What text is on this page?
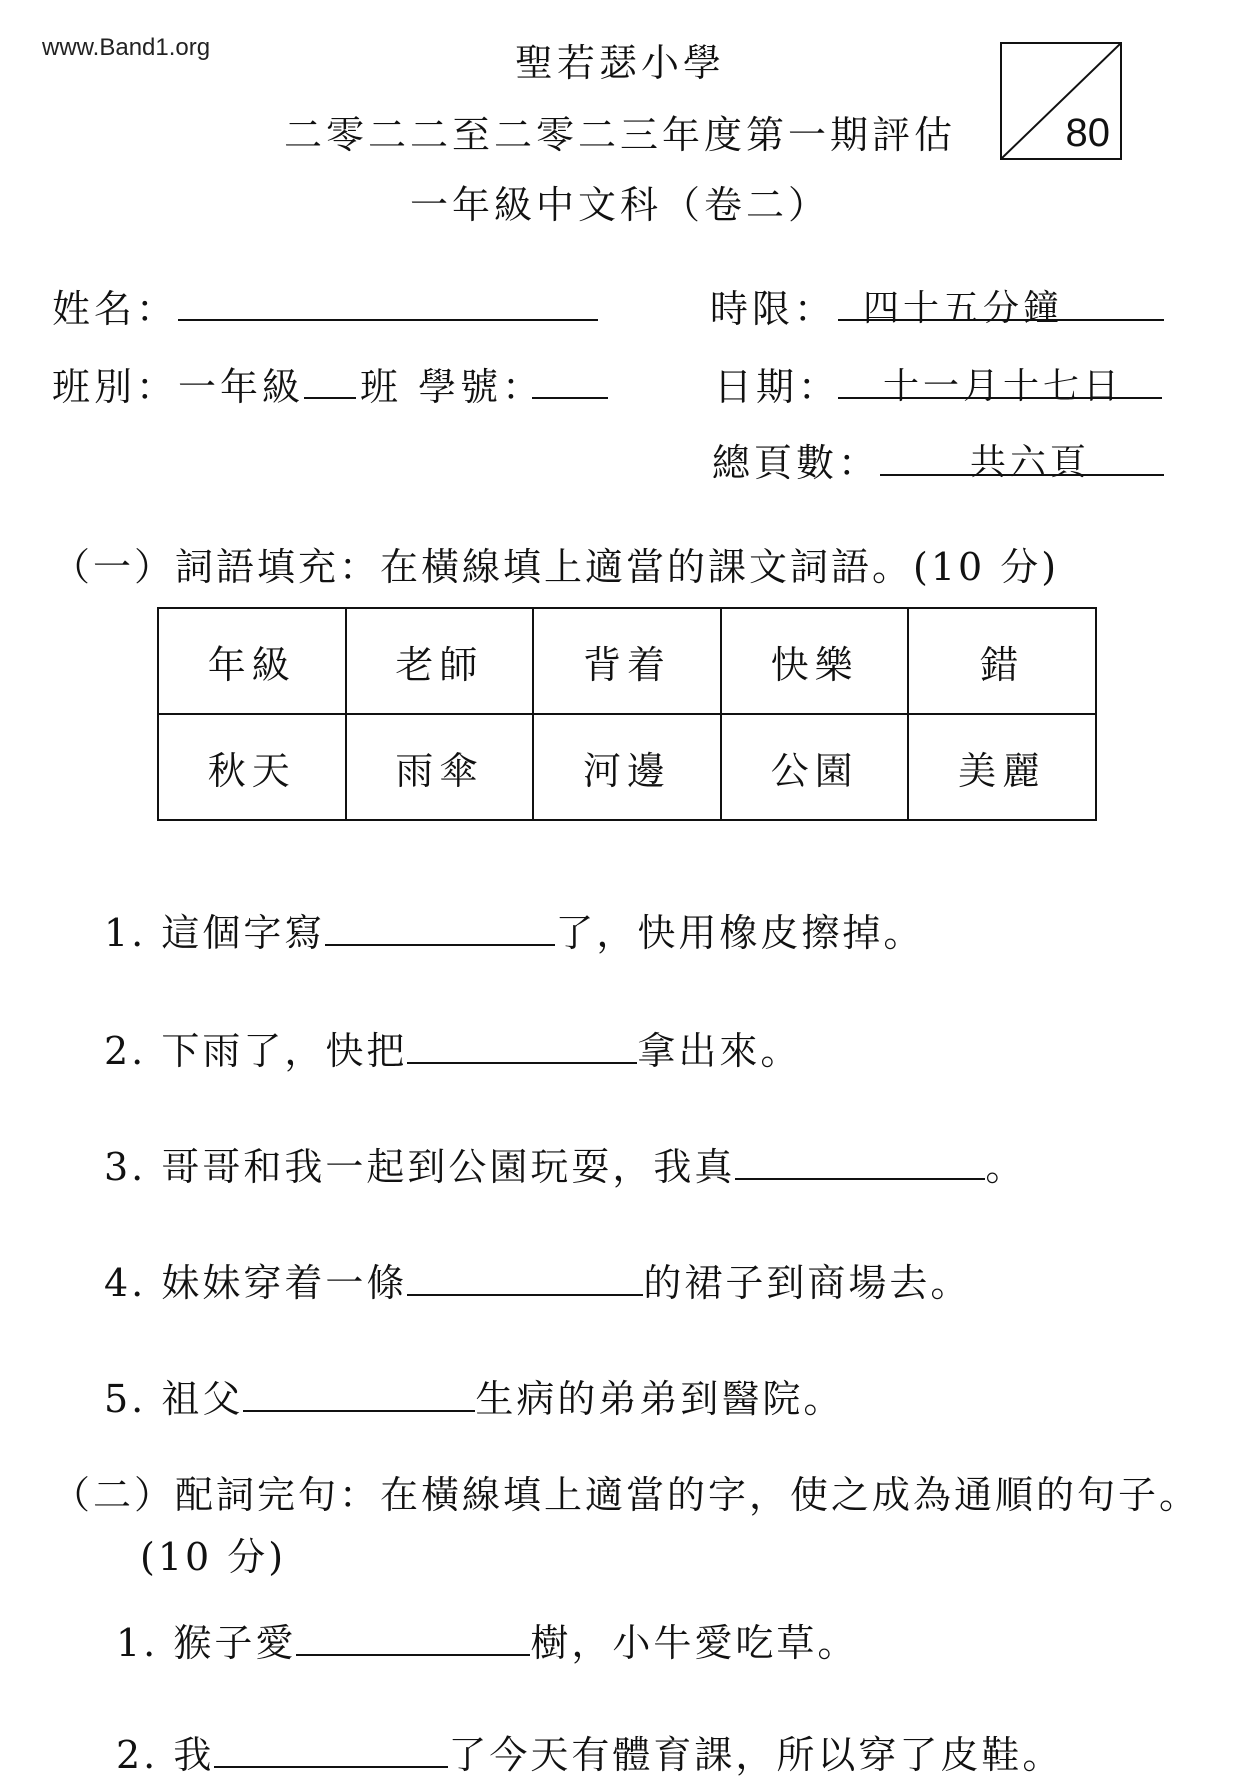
www.Band1.org	聖若瑟小學
二零二二至二零二三年度第一期評估
一年級中文科（卷二）
80
姓名：
班別：一年級 班 學號：
時限： 四十五分鐘
日期：	十一月十七日
總頁數：	共六頁
（一）詞語填充：在橫線填上適當的課文詞語。(10 分)
年級	老師	背着	快樂	錯
秋天	雨傘	河邊	公園	美麗
1. 這個字寫	了，快用橡皮擦掉。
2. 下雨了，快把	拿出來。
3. 哥哥和我一起到公園玩耍，我真	。
4. 妹妹穿着一條	的裙子到商場去。
5. 祖父	生病的弟弟到醫院。
（二）配詞完句：在橫線填上適當的字，使之成為通順的句子。
(10 分)
1. 猴子愛	樹，小牛愛吃草。
2. 我	了今天有體育課，所以穿了皮鞋。
